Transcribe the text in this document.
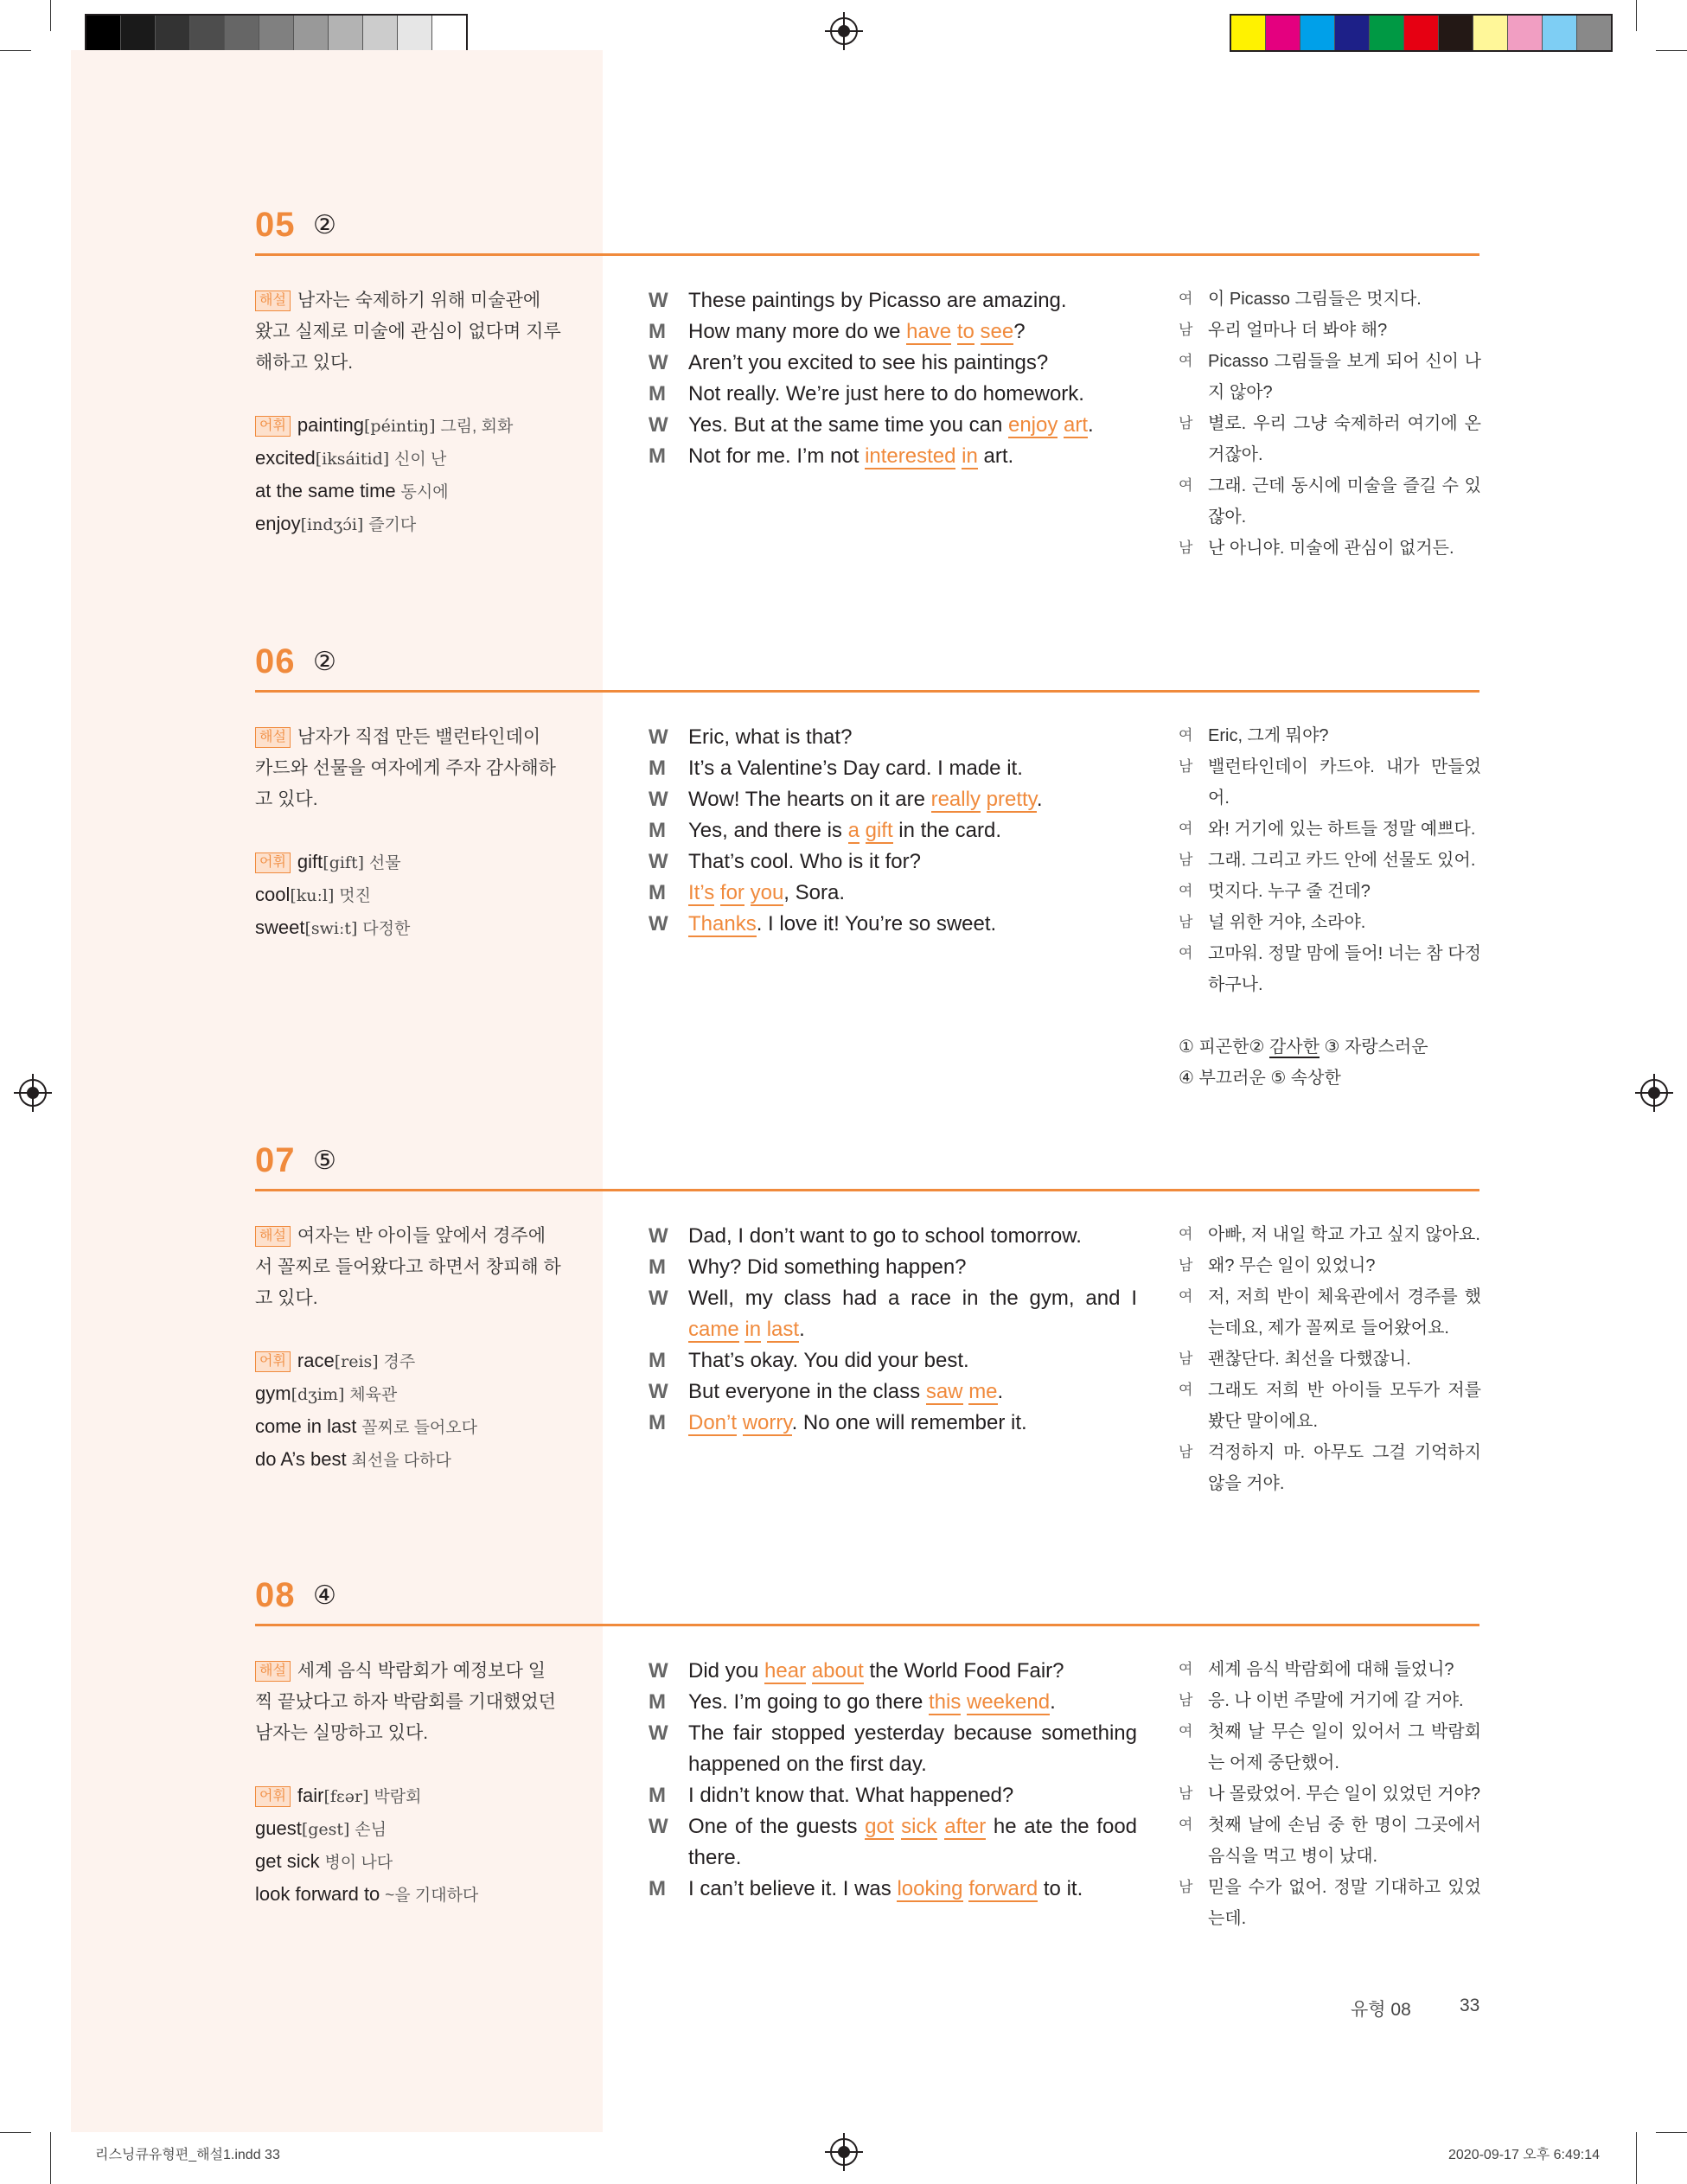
05 ②
해설 남자는 숙제하기 위해 미술관에 왔고 실제로 미술에 관심이 없다며 지루해하고 있다.
어휘 painting[péintiŋ] 그림, 회화
excited[iksáitid] 신이 난
at the same time 동시에
enjoy[indʒɔ́i] 즐기다
W These paintings by Picasso are amazing.
M	How many more do we have to see?
W Aren’t you excited to see his paintings?
M	Not really. We’re just here to do homework.
W Yes. But at the same time you can enjoy art.
M	Not for me. I’m not interested in art.
여 이 Picasso 그림들은 멋지다.
남 우리 얼마나 더 봐야 해?
여 Picasso 그림들을 보게 되어 신이 나지 않아?
남 별로. 우리 그냥 숙제하러 여기에 온 거잖아.
여 그래. 근데 동시에 미술을 즐길 수 있잖아.
남 난 아니야. 미술에 관심이 없거든.
06 ②
해설 남자가 직접 만든 밸런타인데이 카드와 선물을 여자에게 주자 감사해하고 있다.
어휘 gift[gift] 선물
cool[kuːl] 멋진
sweet[swiːt] 다정한
W Eric, what is that?
M	It’s a Valentine’s Day card. I made it.
W Wow! The hearts on it are really pretty.
M	Yes, and there is a gift in the card.
W That’s cool. Who is it for?
M	It’s for you, Sora.
W Thanks. I love it! You’re so sweet.
여 Eric, 그게 뭐야?
남 밸런타인데이 카드야. 내가 만들었어.
여 와! 거기에 있는 하트들 정말 예쁘다.
남 그래. 그리고 카드 안에 선물도 있어.
여 멋지다. 누구 줄 건데?
남 널 위한 거야, 소라야.
여 고마워. 정말 맘에 들어! 너는 참 다정하구나.
① 피곤한② 감사한 ③ 자랑스러운
④ 부끄러운 ⑤ 속상한
07 ⑤
해설 여자는 반 아이들 앞에서 경주에서 꼴찌로 들어왔다고 하면서 창피해 하고 있다.
어휘 race[reis] 경주
gym[dʒim] 체육관
come in last 꼴찌로 들어오다
do A’s best 최선을 다하다
W Dad, I don’t want to go to school tomorrow.
M	Why? Did something happen?
W Well, my class had a race in the gym, and I came in last.
M	That’s okay. You did your best.
W But everyone in the class saw me.
M	Don’t worry. No one will remember it.
여 아빠, 저 내일 학교 가고 싶지 않아요.
남 왜? 무슨 일이 있었니?
여 저, 저희 반이 체육관에서 경주를 했는데요, 제가 꼴찌로 들어왔어요.
남 괜찮단다. 최선을 다했잖니.
여 그래도 저희 반 아이들 모두가 저를 봤단 말이에요.
남 걱정하지 마. 아무도 그걸 기억하지 않을 거야.
08 ④
해설 세계 음식 박람회가 예정보다 일찍 끝났다고 하자 박람회를 기대했었던 남자는 실망하고 있다.
어휘 fair[fɛər] 박람회
guest[gest] 손님
get sick 병이 나다
look forward to ~을 기대하다
W Did you hear about the World Food Fair?
M	Yes. I’m going to go there this weekend.
W The fair stopped yesterday because something happened on the first day.
M	I didn’t know that. What happened?
W One of the guests got sick after he ate the food there.
M	I can’t believe it. I was looking forward to it.
여 세계 음식 박람회에 대해 들었니?
남 응. 나 이번 주말에 거기에 갈 거야.
여 첫째 날 무슨 일이 있어서 그 박람회는 어제 중단했어.
남 나 몰랐었어. 무슨 일이 있었던 거야?
여 첫째 날에 손님 중 한 명이 그곳에서 음식을 먹고 병이 났대.
남 믿을 수가 없어. 정말 기대하고 있었는데.
유형 08	33
리스닝큐유형편_해설1.indd 33	2020-09-17 오후 6:49:14
